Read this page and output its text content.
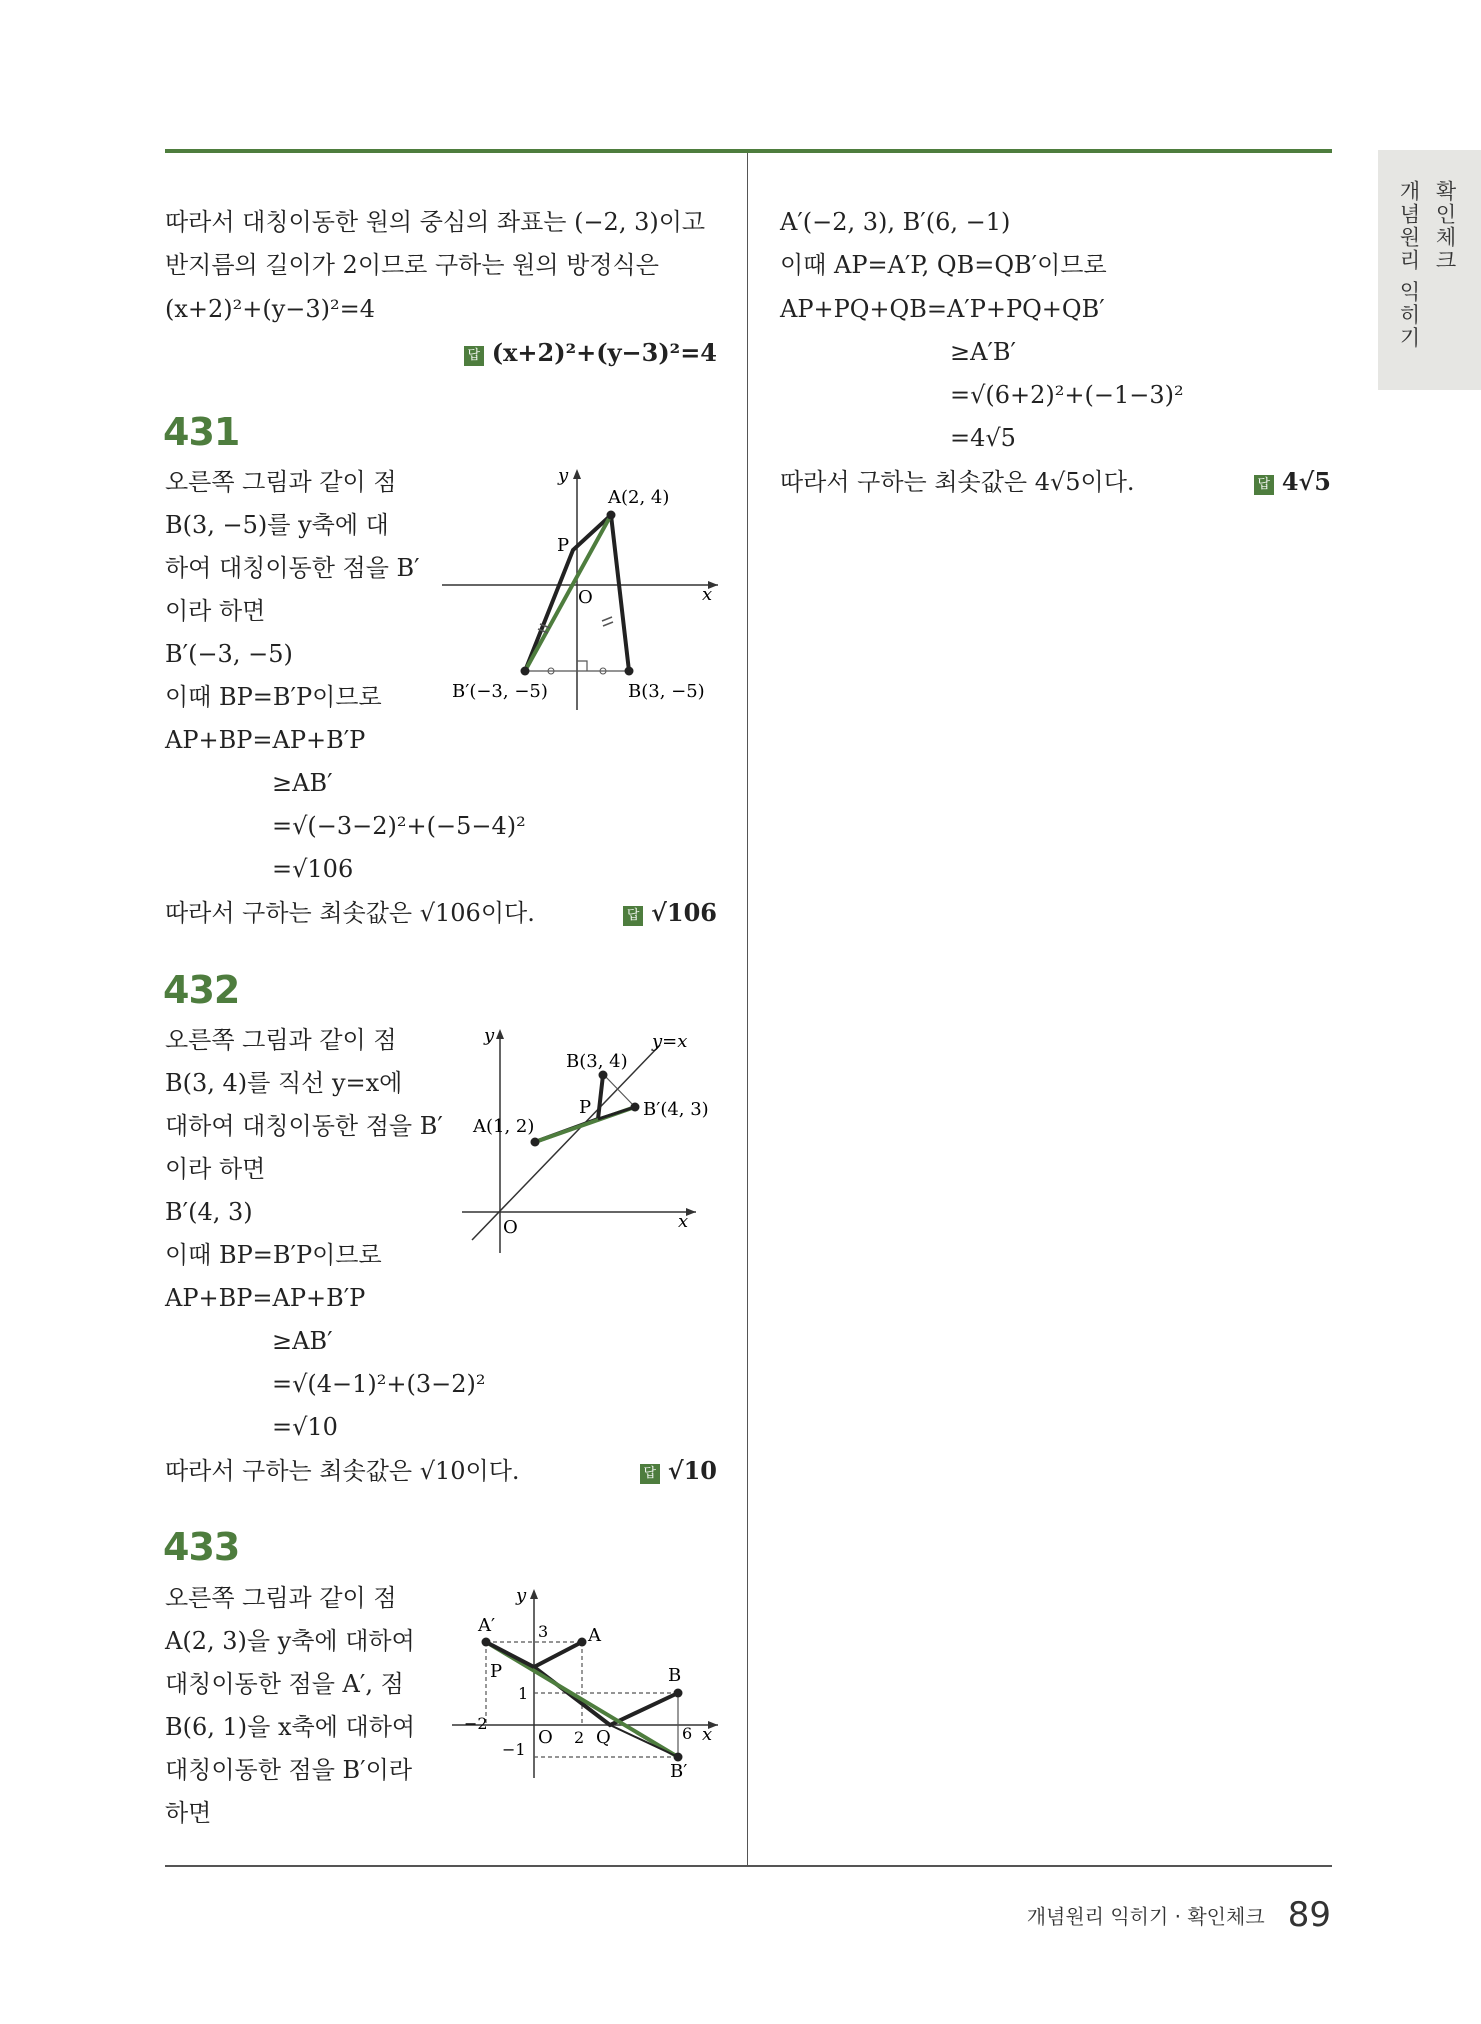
개념원리 익히기 확인체크
개념원리 익히기 · 확인체크 89
따라서 대칭이동한 원의 중심의 좌표는 (−2, 3)이고
반지름의 길이가 2이므로 구하는 원의 방정식은
(x+2)²+(y−3)²=4
답 (x+2)²+(y−3)²=4
431
오른쪽 그림과 같이 점
B(3, −5)를 y축에 대
하여 대칭이동한 점을 B′
이라 하면
B′(−3, −5)
이때 BP=B′P이므로
AP+BP=AP+B′P
≥AB′
=√(−3−2)²+(−5−4)²
=√106
따라서 구하는 최솟값은 √106이다.	답 √106
y
x
A(2, 4)
P
O
B′(−3, −5)	B(3, −5)
432
오른쪽 그림과 같이 점
B(3, 4)를 직선 y=x에
대하여 대칭이동한 점을 B′
이라 하면
B′(4, 3)
이때 BP=B′P이므로
AP+BP=AP+B′P
≥AB′
=√(4−1)²+(3−2)²
=√10
따라서 구하는 최솟값은 √10이다.	답 √10
y
x
y=x
B(3, 4)
P	B′(4, 3)
A(1, 2)
O
433
오른쪽 그림과 같이 점
A(2, 3)을 y축에 대하여
대칭이동한 점을 A′, 점
B(6, 1)을 x축에 대하여
대칭이동한 점을 B′이라
하면
y
x
A′	3 A
P
1
B
−2
O 2 Q	6
−1
B′
A′(−2, 3), B′(6, −1)
이때 AP=A′P, QB=QB′이므로
AP+PQ+QB=A′P+PQ+QB′
≥A′B′
=√(6+2)²+(−1−3)²
=4√5
따라서 구하는 최솟값은 4√5이다.	답 4√5
